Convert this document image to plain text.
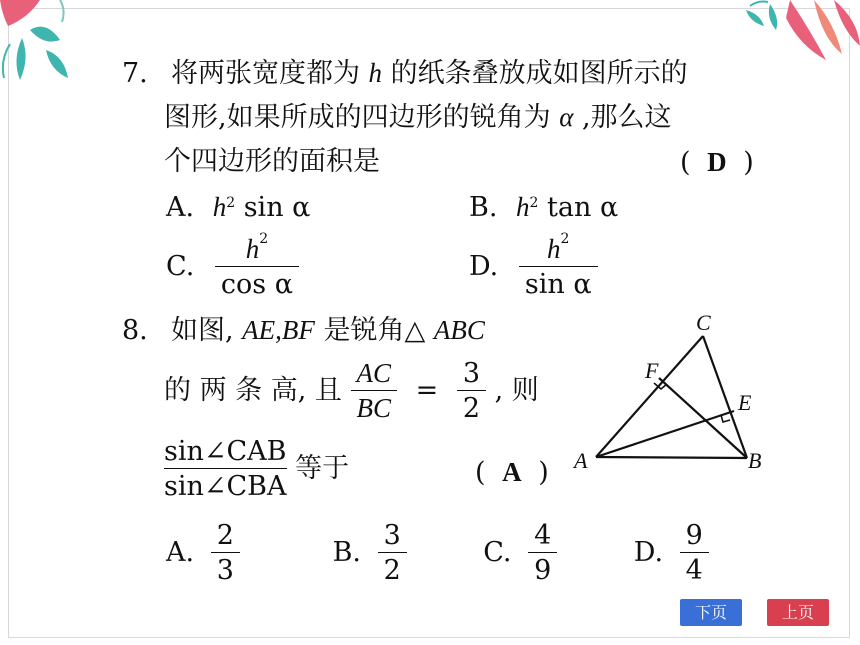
7. 将两张宽度都为 h 的纸条叠放成如图所示的
图形,如果所成的四边形的锐角为 α ,那么这
个四边形的面积是	( D )
A. $h^2$ sin α	B. $h^2$ tan α
C. $\frac{h^2}{\text{cos α}}$	D. $\frac{h^2}{\text{sin α}}$
8. 如图, AE,BF 是锐角△ ABC
的 两 条 高, 且 $\frac{AC}{BC} = \frac{3}{2}$ , 则
$\frac{\text{sin∠CAB}}{\text{sin∠CBA}}$ 等于	( A )
A. $\frac{2}{3}$	B. $\frac{3}{2}$	C. $\frac{4}{9}$	D. $\frac{9}{4}$
A	B
C
E
F
下页	上页
